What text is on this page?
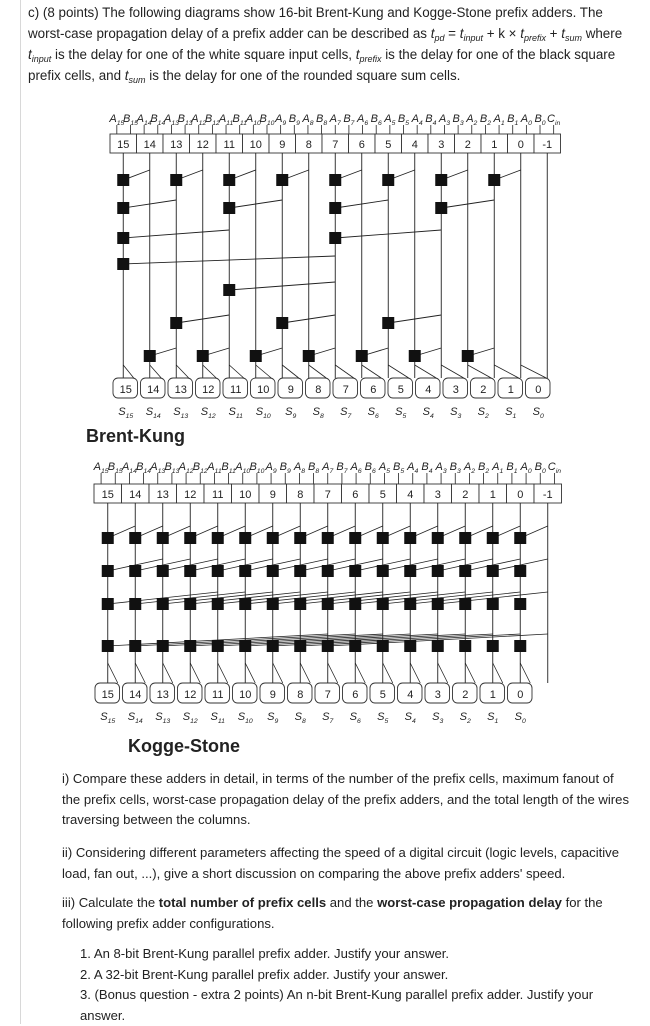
c) (8 points) The following diagrams show 16-bit Brent-Kung and Kogge-Stone prefix adders. The worst-case propagation delay of a prefix adder can be described as $t_{pd} = t_{input} + k \times t_{prefix} + t_{sum}$ where $t_{input}$ is the delay for one of the white square input cells, $t_{prefix}$ is the delay for one of the black square prefix cells, and $t_{sum}$ is the delay for one of the rounded square sum cells.
$A_{15}$
$B_{15}$
$A_{14}$
$B_{14}$
$A_{13}$
$B_{13}$
$A_{12}$
$B_{12}$
$A_{11}$ $B_{11}$
$A_{10}$
$B_{10}$ $A_9$ $B_9$ $A_8$ $B_8$ $A_7$ $B_7$ $A_6$ $B_6$ $A_5$ $B_5$ $A_4$ $B_4$ $A_3$ $B_3$ $A_2$ $B_2$ $A_1$ $B_1$ $A_0$ $B_0$ $C_{in}$
15 14 13 12 11 10 9 8 7 6 5 4 3 2 1 0 -1
15 14 13 12 11 10 9 8 7 6 5 4 3 2 1 0
$S_{15}$ $S_{14}$ $S_{13}$ $S_{12}$ $S_{11}$ $S_{10}$ $S_9$ $S_8$ $S_7$ $S_6$ $S_5$ $S_4$ $S_3$ $S_2$ $S_1$ $S_0$
Brent-Kung
$A_{15}$ $B_{15}$ $A_{14}$ $B_{14}$ $A_{13}$ $B_{13}$ $A_{12}$ $B_{12}$ $A_{11}$ $B_{11}$ $A_{10}$ $B_{10}$ $A_9$ $B_9$ $A_8$ $B_8$ $A_7$ $B_7$ $A_6$ $B_6$ $A_5$ $B_5$ $A_4$ $B_4$ $A_3$ $B_3$ $A_2$ $B_2$ $A_1$ $B_1$ $A_0$ $B_0$ $C_{in}$
15 14 13 12 11 10 9 8 7 6 5 4 3 2 1 0 -1
15 14 13 12 11 10 9 8 7 6 5 4 3 2 1 0
$S_{15}$ $S_{14}$ $S_{13}$ $S_{12}$ $S_{11}$ $S_{10}$ $S_9$ $S_8$ $S_7$ $S_6$ $S_5$ $S_4$ $S_3$ $S_2$ $S_1$ $S_0$
Kogge-Stone
i) Compare these adders in detail, in terms of the number of the prefix cells, maximum fanout of the prefix cells, worst-case propagation delay of the prefix adders, and the total length of the wires traversing between the columns.
ii) Considering different parameters affecting the speed of a digital circuit (logic levels, capacitive load, fan out, ...), give a short discussion on comparing the above prefix adders' speed.
iii) Calculate the total number of prefix cells and the worst-case propagation delay for the following prefix adder configurations.
1. An 8-bit Brent-Kung parallel prefix adder. Justify your answer.
2. A 32-bit Brent-Kung parallel prefix adder. Justify your answer.
3. (Bonus question - extra 2 points) An n-bit Brent-Kung parallel prefix adder. Justify your answer.
